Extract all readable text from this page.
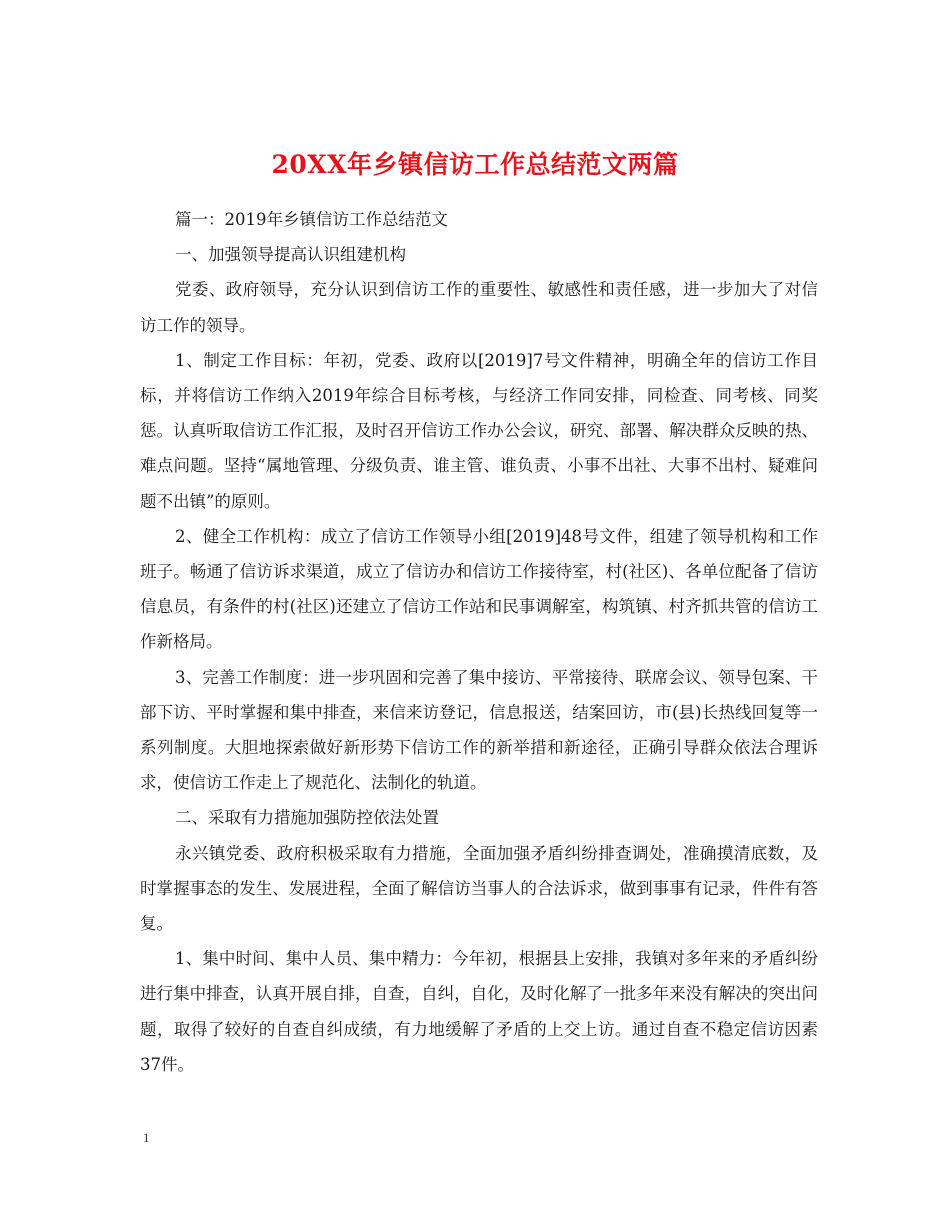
20XX年乡镇信访工作总结范文两篇

篇一：2019年乡镇信访工作总结范文

一、加强领导提高认识组建机构

党委、政府领导，充分认识到信访工作的重要性、敏感性和责任感，进一步加大了对信访工作的领导。

1、制定工作目标：年初，党委、政府以[2019]7号文件精神，明确全年的信访工作目标，并将信访工作纳入2019年综合目标考核，与经济工作同安排，同检查、同考核、同奖惩。认真听取信访工作汇报，及时召开信访工作办公会议，研究、部署、解决群众反映的热、难点问题。坚持“属地管理、分级负责、谁主管、谁负责、小事不出社、大事不出村、疑难问题不出镇”的原则。

2、健全工作机构：成立了信访工作领导小组[2019]48号文件，组建了领导机构和工作班子。畅通了信访诉求渠道，成立了信访办和信访工作接待室，村(社区)、各单位配备了信访信息员，有条件的村(社区)还建立了信访工作站和民事调解室，构筑镇、村齐抓共管的信访工作新格局。

3、完善工作制度：进一步巩固和完善了集中接访、平常接待、联席会议、领导包案、干部下访、平时掌握和集中排查，来信来访登记，信息报送，结案回访，市(县)长热线回复等一系列制度。大胆地探索做好新形势下信访工作的新举措和新途径，正确引导群众依法合理诉求，使信访工作走上了规范化、法制化的轨道。

二、采取有力措施加强防控依法处置

永兴镇党委、政府积极采取有力措施，全面加强矛盾纠纷排查调处，准确摸清底数，及时掌握事态的发生、发展进程，全面了解信访当事人的合法诉求，做到事事有记录，件件有答复。

1、集中时间、集中人员、集中精力：今年初，根据县上安排，我镇对多年来的矛盾纠纷进行集中排查，认真开展自排，自查，自纠，自化，及时化解了一批多年来没有解决的突出问题，取得了较好的自查自纠成绩，有力地缓解了矛盾的上交上访。通过自查不稳定信访因素37件。

1
